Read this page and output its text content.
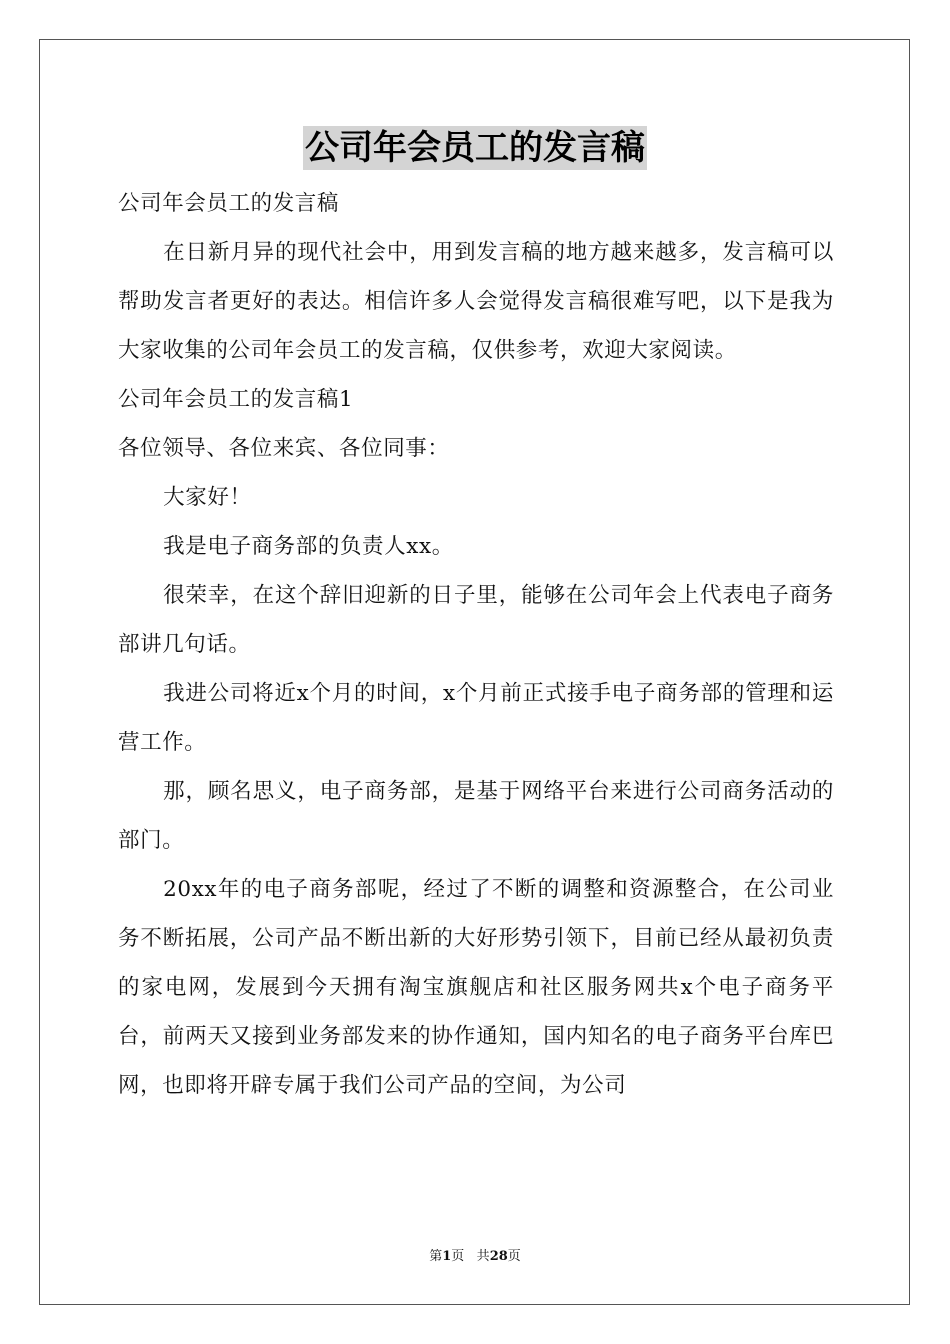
公司年会员工的发言稿

公司年会员工的发言稿

在日新月异的现代社会中，用到发言稿的地方越来越多，发言稿可以帮助发言者更好的表达。相信许多人会觉得发言稿很难写吧，以下是我为大家收集的公司年会员工的发言稿，仅供参考，欢迎大家阅读。

公司年会员工的发言稿1

各位领导、各位来宾、各位同事：

大家好！

我是电子商务部的负责人xx。

很荣幸，在这个辞旧迎新的日子里，能够在公司年会上代表电子商务部讲几句话。

我进公司将近x个月的时间，x个月前正式接手电子商务部的管理和运营工作。

那，顾名思义，电子商务部，是基于网络平台来进行公司商务活动的部门。

20xx年的电子商务部呢，经过了不断的调整和资源整合，在公司业务不断拓展，公司产品不断出新的大好形势引领下，目前已经从最初负责的家电网，发展到今天拥有淘宝旗舰店和社区服务网共x个电子商务平台，前两天又接到业务部发来的协作通知，国内知名的电子商务平台库巴网，也即将开辟专属于我们公司产品的空间，为公司

第1页 共28页
